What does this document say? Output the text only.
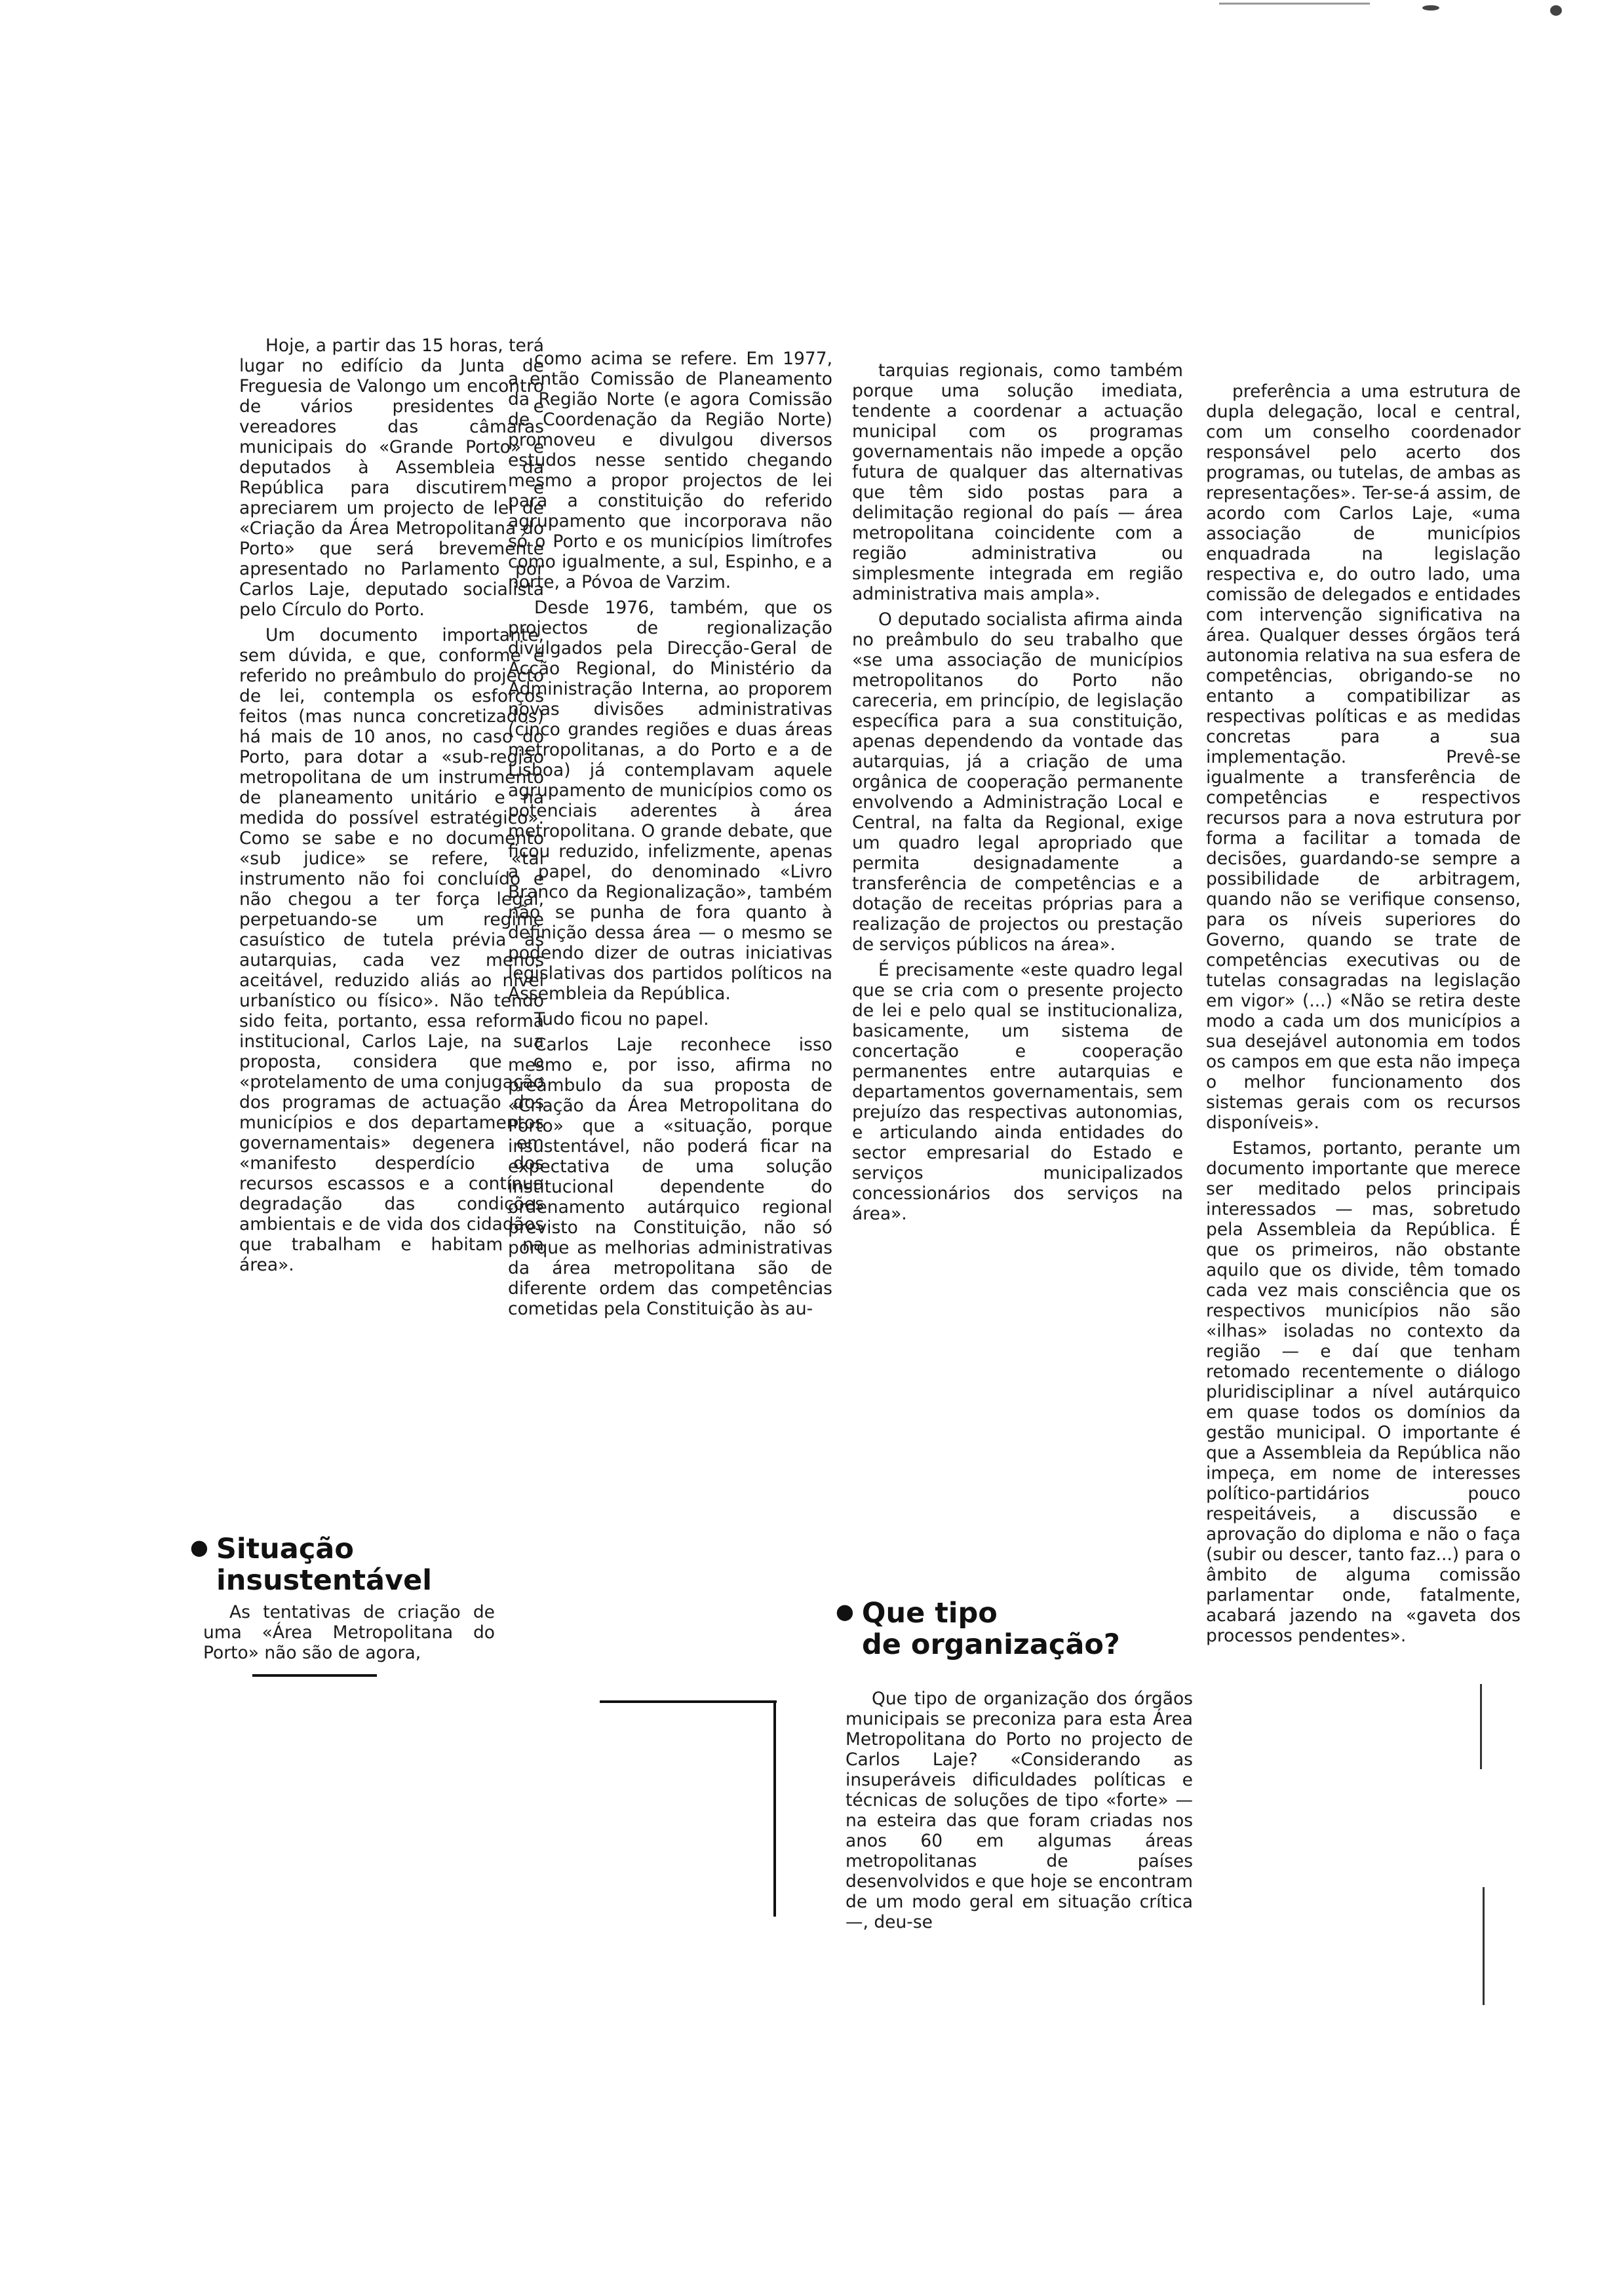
Hoje, a partir das 15 horas, terá lugar no edifício da Junta de Freguesia de Valongo um encontro de vários presidentes e vereadores das câmaras municipais do «Grande Porto» e deputados à Assembleia da República para discutirem e apreciarem um projecto de lei de «Criação da Área Metropolitana do Porto» que será brevemente apresentado no Parlamento por Carlos Laje, deputado socialista pelo Círculo do Porto.

Um documento importante, sem dúvida, e que, conforme é referido no preâmbulo do projecto de lei, contempla os esforços feitos (mas nunca concretizados) há mais de 10 anos, no caso do Porto, para dotar a «sub-região metropolitana de um instrumento de planeamento unitário e na medida do possível estratégico». Como se sabe e no documento «sub judice» se refere, «tal instrumento não foi concluído e não chegou a ter força legal, perpetuando-se um regime casuístico de tutela prévia às autarquias, cada vez menos aceitável, reduzido aliás ao nível urbanístico ou físico». Não tendo sido feita, portanto, essa reforma institucional, Carlos Laje, na sua proposta, considera que o «protelamento de uma conjugação dos programas de actuação dos municípios e dos departamentos governamentais» degenera em «manifesto desperdício dos recursos escassos e a contínua degradação das condições ambientais e de vida dos cidadãos que trabalham e habitam na área».

● Situação
insustentável

As tentativas de criação de uma «Área Metropolitana do Porto» não são de agora,

como acima se refere. Em 1977, a então Comissão de Planeamento da Região Norte (e agora Comissão de Coordenação da Região Norte) promoveu e divulgou diversos estudos nesse sentido chegando mesmo a propor projectos de lei para a constituição do referido agrupamento que incorporava não só o Porto e os municípios limítrofes como igualmente, a sul, Espinho, e a norte, a Póvoa de Varzim.

Desde 1976, também, que os projectos de regionalização divulgados pela Direcção-Geral de Acção Regional, do Ministério da Administração Interna, ao proporem novas divisões administrativas (cinco grandes regiões e duas áreas metropolitanas, a do Porto e a de Lisboa) já contemplavam aquele agrupamento de municípios como os potenciais aderentes à área metropolitana. O grande debate, que ficou reduzido, infelizmente, apenas a papel, do denominado «Livro Branco da Regionalização», também não se punha de fora quanto à definição dessa área — o mesmo se podendo dizer de outras iniciativas legislativas dos partidos políticos na Assembleia da República.

Tudo ficou no papel.

Carlos Laje reconhece isso mesmo e, por isso, afirma no preâmbulo da sua proposta de «Criação da Área Metropolitana do Porto» que a «situação, porque insustentável, não poderá ficar na expectativa de uma solução institucional dependente do ordenamento autárquico regional previsto na Constituição, não só porque as melhorias administrativas da área metropolitana são de diferente ordem das competências cometidas pela Constituição às au-

tarquias regionais, como também porque uma solução imediata, tendente a coordenar a actuação municipal com os programas governamentais não impede a opção futura de qualquer das alternativas que têm sido postas para a delimitação regional do país — área metropolitana coincidente com a região administrativa ou simplesmente integrada em região administrativa mais ampla».

O deputado socialista afirma ainda no preâmbulo do seu trabalho que «se uma associação de municípios metropolitanos do Porto não careceria, em princípio, de legislação específica para a sua constituição, apenas dependendo da vontade das autarquias, já a criação de uma orgânica de cooperação permanente envolvendo a Administração Local e Central, na falta da Regional, exige um quadro legal apropriado que permita designadamente a transferência de competências e a dotação de receitas próprias para a realização de projectos ou prestação de serviços públicos na área».

É precisamente «este quadro legal que se cria com o presente projecto de lei e pelo qual se institucionaliza, basicamente, um sistema de concertação e cooperação permanentes entre autarquias e departamentos governamentais, sem prejuízo das respectivas autonomias, e articulando ainda entidades do sector empresarial do Estado e serviços municipalizados concessionários dos serviços na área».

● Que tipo
de organização?

Que tipo de organização dos órgãos municipais se preconiza para esta Área Metropolitana do Porto no projecto de Carlos Laje? «Considerando as insuperáveis dificuldades políticas e técnicas de soluções de tipo «forte» — na esteira das que foram criadas nos anos 60 em algumas áreas metropolitanas de países desenvolvidos e que hoje se encontram de um modo geral em situação crítica —, deu-se

preferência a uma estrutura de dupla delegação, local e central, com um conselho coordenador responsável pelo acerto dos programas, ou tutelas, de ambas as representações». Ter-se-á assim, de acordo com Carlos Laje, «uma associação de municípios enquadrada na legislação respectiva e, do outro lado, uma comissão de delegados e entidades com intervenção significativa na área. Qualquer desses órgãos terá autonomia relativa na sua esfera de competências, obrigando-se no entanto a compatibilizar as respectivas políticas e as medidas concretas para a sua implementação. Prevê-se igualmente a transferência de competências e respectivos recursos para a nova estrutura por forma a facilitar a tomada de decisões, guardando-se sempre a possibilidade de arbitragem, quando não se verifique consenso, para os níveis superiores do Governo, quando se trate de competências executivas ou de tutelas consagradas na legislação em vigor» (...) «Não se retira deste modo a cada um dos municípios a sua desejável autonomia em todos os campos em que esta não impeça o melhor funcionamento dos sistemas gerais com os recursos disponíveis».

Estamos, portanto, perante um documento importante que merece ser meditado pelos principais interessados — mas, sobretudo pela Assembleia da República. É que os primeiros, não obstante aquilo que os divide, têm tomado cada vez mais consciência que os respectivos municípios não são «ilhas» isoladas no contexto da região — e daí que tenham retomado recentemente o diálogo pluridisciplinar a nível autárquico em quase todos os domínios da gestão municipal. O importante é que a Assembleia da República não impeça, em nome de interesses político-partidários pouco respeitáveis, a discussão e aprovação do diploma e não o faça (subir ou descer, tanto faz...) para o âmbito de alguma comissão parlamentar onde, fatalmente, acabará jazendo na «gaveta dos processos pendentes».
